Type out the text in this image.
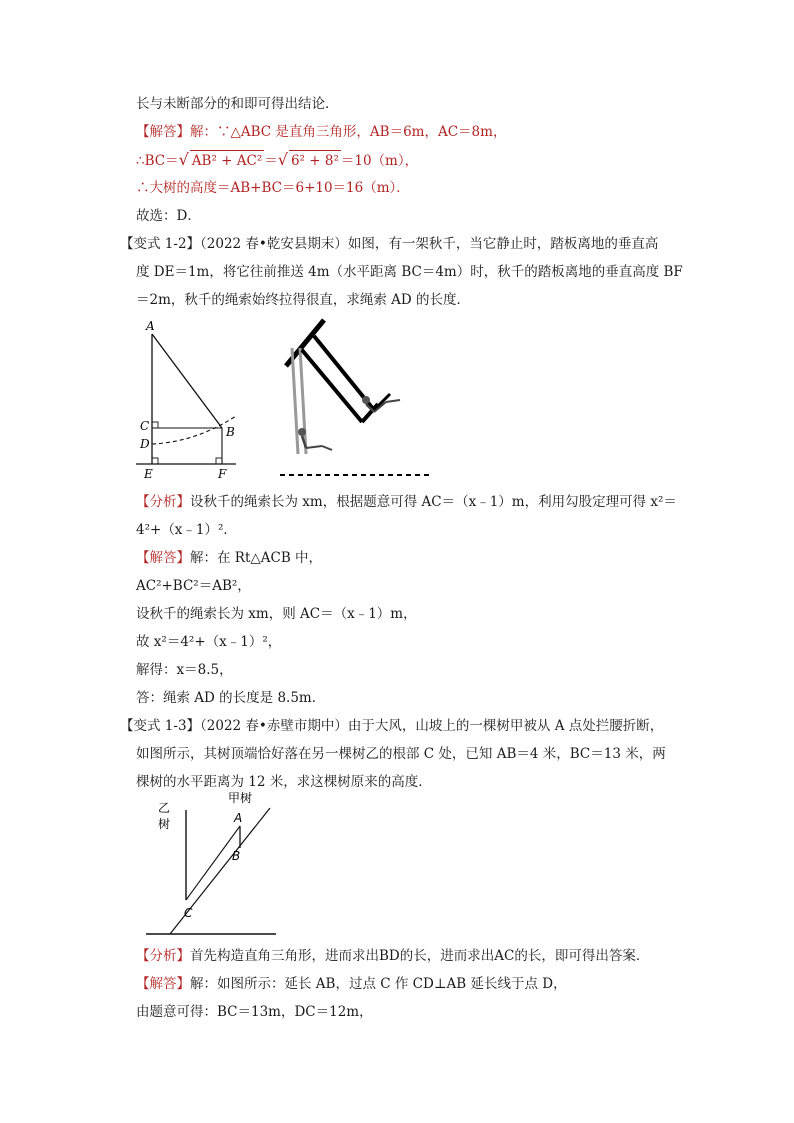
长与未断部分的和即可得出结论．
【解答】解：∵△ABC 是直角三角形，AB＝6m，AC＝8m，
∴BC＝√ AB² + AC² ＝√ 6² + 8² ＝10（m），
∴大树的高度＝AB+BC＝6+10＝16（m）．
故选：D．
【变式 1-2】（2022 春•乾安县期末）如图，有一架秋千，当它静止时，踏板离地的垂直高
度 DE＝1m，将它往前推送 4m（水平距离 BC＝4m）时，秋千的踏板离地的垂直高度 BF
＝2m，秋千的绳索始终拉得很直，求绳索 AD 的长度．
A
B
C
D
E	F
【分析】设秋千的绳索长为 xm，根据题意可得 AC＝（x﹣1）m，利用勾股定理可得 x²＝
4²+（x﹣1）²．
【解答】解：在 Rt△ACB 中，
AC²+BC²＝AB²，
设秋千的绳索长为 xm，则 AC＝（x﹣1）m，
故 x²＝4²+（x﹣1）²，
解得：x＝8.5，
答：绳索 AD 的长度是 8.5m．
【变式 1-3】（2022 春•赤壁市期中）由于大风，山坡上的一棵树甲被从 A 点处拦腰折断，
如图所示，其树顶端恰好落在另一棵树乙的根部 C 处，已知 AB＝4 米，BC＝13 米，两
棵树的水平距离为 12 米，求这棵树原来的高度．
乙
树
甲树
A
B
C
【分析】首先构造直角三角形，进而求出BD的长，进而求出AC的长，即可得出答案．
【解答】解：如图所示：延长 AB，过点 C 作 CD⊥AB 延长线于点 D，
由题意可得：BC＝13m，DC＝12m，
